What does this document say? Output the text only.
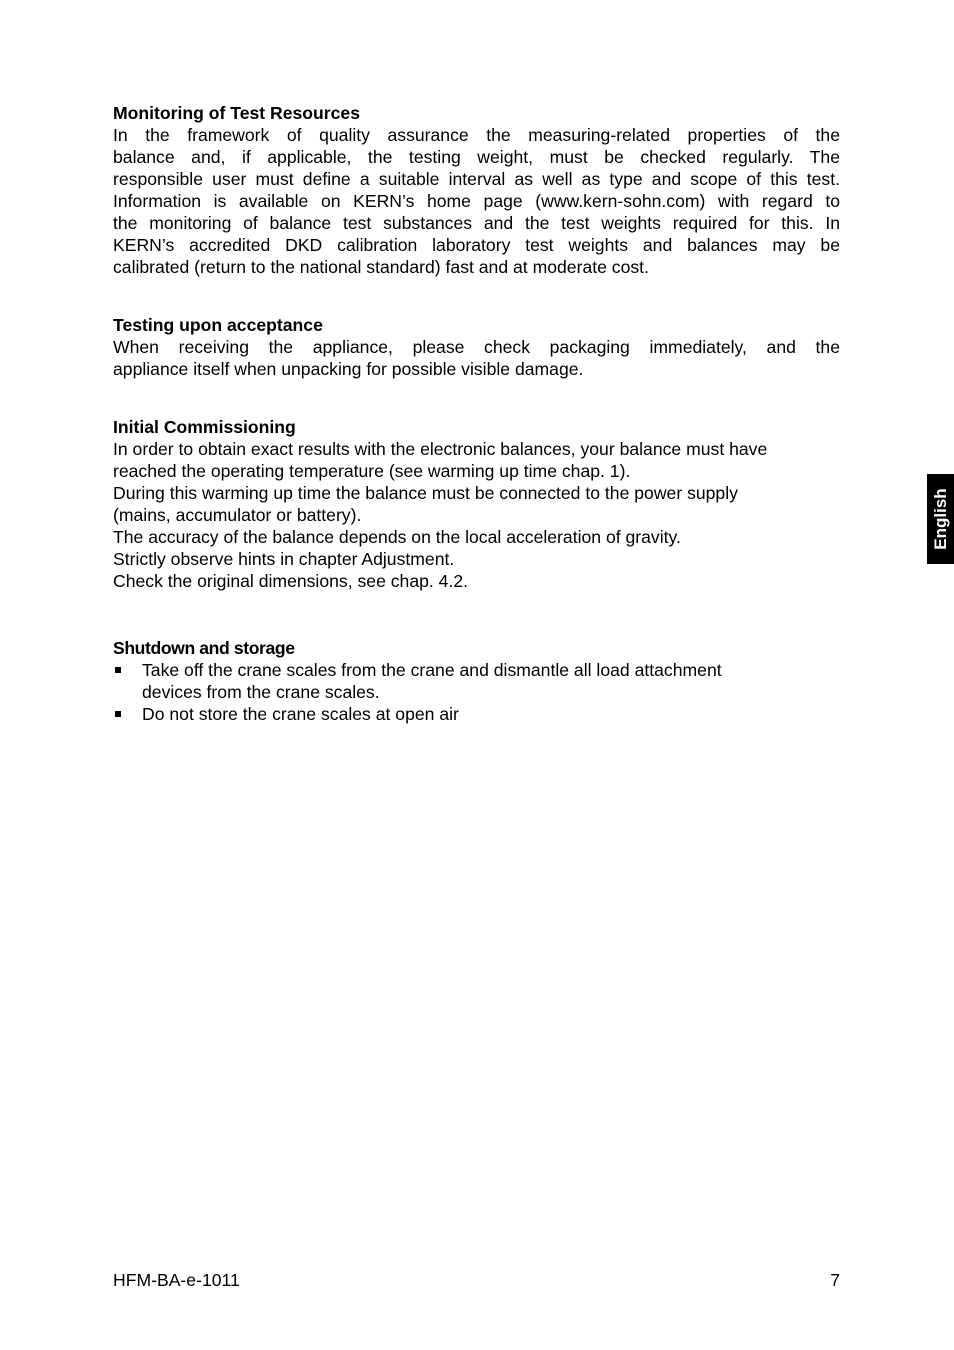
Monitoring of Test Resources
In the framework of quality assurance the measuring-related properties of the
balance and, if applicable, the testing weight, must be checked regularly. The
responsible user must define a suitable interval as well as type and scope of this test.
Information is available on KERN’s home page (www.kern-sohn.com) with regard to
the monitoring of balance test substances and the test weights required for this. In
KERN’s accredited DKD calibration laboratory test weights and balances may be
calibrated (return to the national standard) fast and at moderate cost.
Testing upon acceptance
When receiving the appliance, please check packaging immediately, and the
appliance itself when unpacking for possible visible damage.
Initial Commissioning
In order to obtain exact results with the electronic balances, your balance must have
reached the operating temperature (see warming up time chap. 1).
During this warming up time the balance must be connected to the power supply
(mains, accumulator or battery).
The accuracy of the balance depends on the local acceleration of gravity.
Strictly observe hints in chapter Adjustment.
Check the original dimensions, see chap. 4.2.
Shutdown and storage
Take off the crane scales from the crane and dismantle all load attachment
devices from the crane scales.
Do not store the crane scales at open air
English
HFM-BA-e-1011	7
